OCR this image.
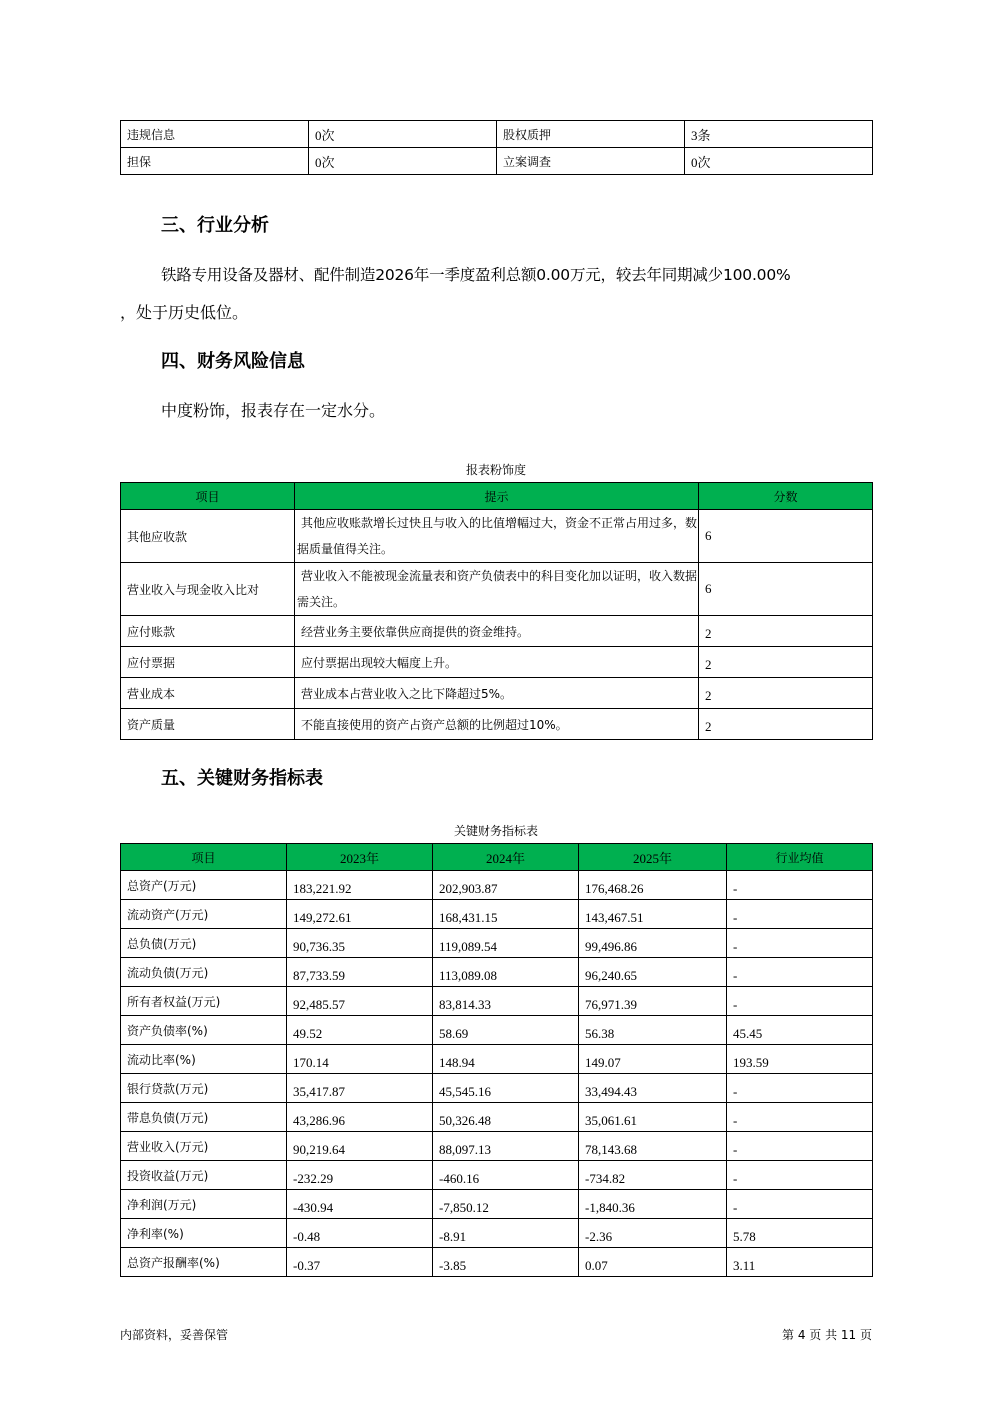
违规信息	0次	股权质押	3条
担保	0次	立案调查	0次
三、行业分析

铁路专用设备及器材、配件制造2026年一季度盈利总额0.00万元，较去年同期减少100.00%

，处于历史低位。

四、财务风险信息

中度粉饰，报表存在一定水分。

报表粉饰度

项目	提示	分数
其他应收款	其他应收账款增长过快且与收入的比值增幅过大，资金不正常占用过多，数据质量值得关注。	6
营业收入与现金收入比对	营业收入不能被现金流量表和资产负债表中的科目变化加以证明，收入数据需关注。	6
应付账款	经营业务主要依靠供应商提供的资金维持。	2
应付票据	应付票据出现较大幅度上升。	2
营业成本	营业成本占营业收入之比下降超过5%。	2
资产质量	不能直接使用的资产占资产总额的比例超过10%。	2
五、关键财务指标表

关键财务指标表

项目	2023年	2024年	2025年	行业均值
总资产(万元)	183,221.92	202,903.87	176,468.26	-
流动资产(万元)	149,272.61	168,431.15	143,467.51	-
总负债(万元)	90,736.35	119,089.54	99,496.86	-
流动负债(万元)	87,733.59	113,089.08	96,240.65	-
所有者权益(万元)	92,485.57	83,814.33	76,971.39	-
资产负债率(%)	49.52	58.69	56.38	45.45
流动比率(%)	170.14	148.94	149.07	193.59
银行贷款(万元)	35,417.87	45,545.16	33,494.43	-
带息负债(万元)	43,286.96	50,326.48	35,061.61	-
营业收入(万元)	90,219.64	88,097.13	78,143.68	-
投资收益(万元)	-232.29	-460.16	-734.82	-
净利润(万元)	-430.94	-7,850.12	-1,840.36	-
净利率(%)	-0.48	-8.91	-2.36	5.78
总资产报酬率(%)	-0.37	-3.85	0.07	3.11

内部资料，妥善保管	第 4 页 共 11 页
